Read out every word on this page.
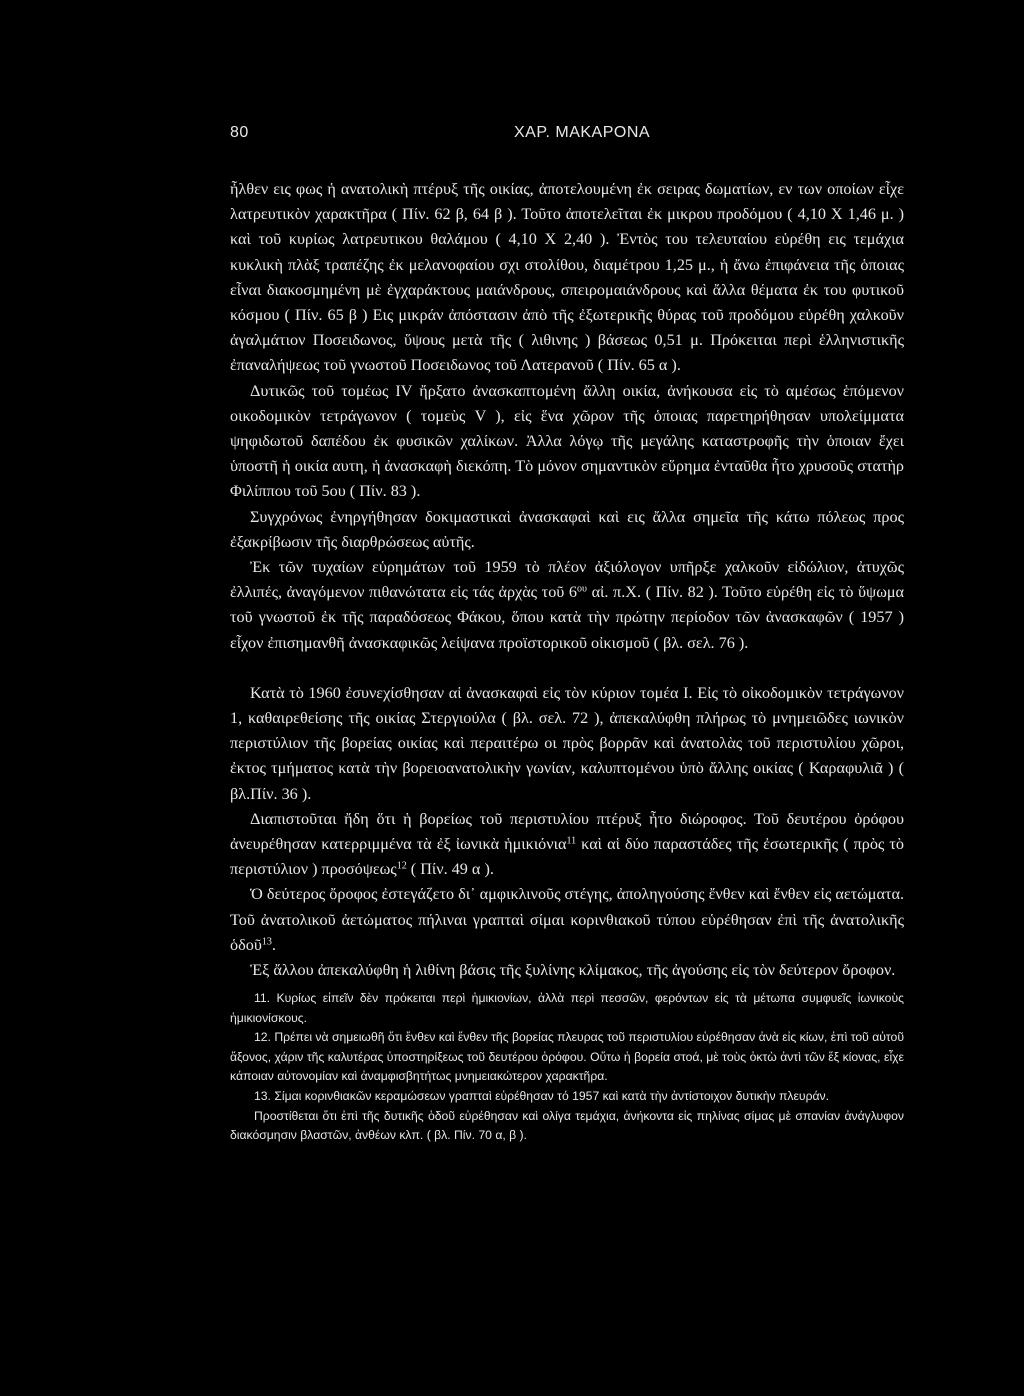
80	ΧΑΡ. ΜΑΚΑΡΟΝΑ

ἦλθεν εις φως ἡ ανατολικὴ πτέρυξ τῆς οικίας, ἀποτελουμένη ἐκ σειρας δωματίων, εν των οποίων εἶχε λατρευτικὸν χαρακτῆρα ( Πίν. 62 β, 64 β ). Τοῦτο ἀποτελεῖται ἐκ μικρου προδόμου ( 4,10 X 1,46 μ. ) καὶ τοῦ κυρίως λατρευτικου θαλάμου ( 4,10 X 2,40 ). Ἐντὸς του τελευταίου εὑρέθη εις τεμάχια κυκλικὴ πλὰξ τραπέζης ἐκ μελανοφαίου σχι στολίθου, διαμέτρου 1,25 μ., ἡ ἄνω ἐπιφάνεια τῆς ὁποιας εἶναι διακοσμημένη μὲ ἐγχαράκτους μαιάνδρους, σπειρομαιάνδρους καὶ ἄλλα θέματα ἐκ του φυτικοῦ κόσμου ( Πίν. 65 β ) Εις μικράν ἀπόστασιν ἀπὸ τῆς ἐξωτερικῆς θύρας τοῦ προδόμου εὑρέθη χαλκοῦν ἀγαλμάτιον Ποσειδωνος, ὕψους μετὰ τῆς ( λιθινης ) βάσεως 0,51 μ. Πρόκειται περὶ ἑλληνιστικῆς ἐπαναλήψεως τοῦ γνωστοῦ Ποσειδωνος τοῦ Λατερανοῦ ( Πίν. 65 α ).

Δυτικῶς τοῦ τομέως IV ἤρξατο ἀνασκαπτομένη ἄλλη οικία, ἀνήκουσα εἰς τὸ αμέσως ἑπόμενον οικοδομικὸν τετράγωνον ( τομεὺς V ), εἰς ἕνα χῶρον τῆς ὁποιας παρετηρήθησαν υπολείμματα ψηφιδωτοῦ δαπέδου ἐκ φυσικῶν χαλίκων. Ἀλλα λόγῳ τῆς μεγάλης καταστροφῆς τὴν ὁποιαν ἔχει ὑποστῆ ἡ οικία αυτη, ἡ ἀνασκαφὴ διεκόπη. Τὸ μόνον σημαντικὸν εὕρημα ἐνταῦθα ἦτο χρυσοῦς στατὴρ Φιλίππου τοῦ 5ου ( Πίν. 83 ).

Συγχρόνως ἐνηργήθησαν δοκιμαστικαὶ ἀνασκαφαὶ καὶ εις ἄλλα σημεῖα τῆς κάτω πόλεως προς ἐξακρίβωσιν τῆς διαρθρώσεως αὐτῆς.

Ἐκ τῶν τυχαίων εὑρημάτων τοῦ 1959 τὸ πλέον ἀξιόλογον υπῆρξε χαλκοῦν εἰδώλιον, ἀτυχῶς ἐλλιπές, ἀναγόμενον πιθανώτατα εἰς τάς ἀρχὰς τοῦ $6^{o\upsilon}$ αἰ. π.Χ. ( Πίν. 82 ). Τοῦτο εὑρέθη εἰς τὸ ὕψωμα τοῦ γνωστοῦ ἐκ τῆς παραδόσεως Φάκου, ὅπου κατὰ τὴν πρώτην περίοδον τῶν ἀνασκαφῶν ( 1957 ) εἶχον ἐπισημανθῆ ἀνασκαφικῶς λείψανα προϊστορικοῦ οἰκισμοῦ ( βλ. σελ. 76 ).

Κατὰ τὸ 1960 ἐσυνεχίσθησαν αἱ ἀνασκαφαὶ εἰς τὸν κύριον τομέα I. Εἰς τὸ οἰκοδομικὸν τετράγωνον 1, καθαιρεθείσης τῆς οικίας Στεργιούλα ( βλ. σελ. 72 ), ἀπεκαλύφθη πλήρως τὸ μνημειῶδες ιωνικὸν περιστύλιον τῆς βορείας οικίας καὶ περαιτέρω οι πρὸς βορρᾶν καὶ ἀνατολὰς τοῦ περιστυλίου χῶροι, ἐκτος τμήματος κατὰ τὴν βορειοανατολικὴν γωνίαν, καλυπτομένου ὑπὸ ἄλλης οικίας ( Καραφυλιᾶ ) ( βλ.Πίν. 36 ).

Διαπιστοῦται ἤδη ὅτι ἡ βορείως τοῦ περιστυλίου πτέρυξ ἦτο διώροφος. Τοῦ δευτέρου ὀρόφου ἀνευρέθησαν κατερριμμένα τὰ ἐξ ἰωνικὰ ἡμικιόνια$^{11}$ καὶ αἱ δύο παραστάδες τῆς ἐσωτερικῆς ( πρὸς τὸ περιστύλιον ) προσόψεως$^{12}$ ( Πίν. 49 α ).

Ὁ δεύτερος ὄροφος ἐστεγάζετο δι᾽ αμφικλινοῦς στέγης, ἀποληγούσης ἔνθεν καὶ ἔνθεν εἰς αετώματα. Τοῦ ἀνατολικοῦ ἀετώματος πήλιναι γραπταὶ σίμαι κορινθιακοῦ τύπου εὑρέθησαν ἐπὶ τῆς ἀνατολικῆς ὁδοῦ$^{13}$.

Ἐξ ἄλλου ἀπεκαλύφθη ἡ λιθίνη βάσις τῆς ξυλίνης κλίμακος, τῆς ἀγούσης εἰς τὸν δεύτερον ὄροφον.

11. Κυρίως εἰπεῖν δὲν πρόκειται περὶ ἡμικιονίων, ἀλλὰ περὶ πεσσῶν, φερόντων εἰς τὰ μέτωπα συμφυεῖς ἰωνικοὺς ἡμικιονίσκους.

12. Πρέπει νὰ σημειωθῆ ὅτι ἔνθεν καὶ ἔνθεν τῆς βορείας πλευρας τοῦ περιστυλίου εὑρέθησαν ἀνὰ εἰς κίων, ἐπὶ τοῦ αὐτοῦ ἄξονος, χάριν τῆς καλυτέρας ὑποστηρίξεως τοῦ δευτέρου ὀρόφου. Οὕτω ἡ βορεία στοά, μὲ τοὺς ὀκτὼ ἀντὶ τῶν ἕξ κίονας, εἶχε κάποιαν αὐτονομίαν καὶ ἀναμφισβητήτως μνημειακώτερον χαρακτῆρα.

13. Σίμαι κορινθιακῶν κεραμώσεων γραπταὶ εὑρέθησαν τό 1957 καὶ κατὰ τὴν ἀντίστοιχον δυτικὴν πλευράν.

Προστίθεται ὅτι ἐπὶ τῆς δυτικῆς ὁδοῦ εὑρέθησαν καὶ ολίγα τεμάχια, ἀνήκοντα εἰς πηλίνας σίμας μὲ σπανίαν ἀνάγλυφον διακόσμησιν βλαστῶν, ἀνθέων κλπ. ( βλ. Πίν. 70 α, β ).
